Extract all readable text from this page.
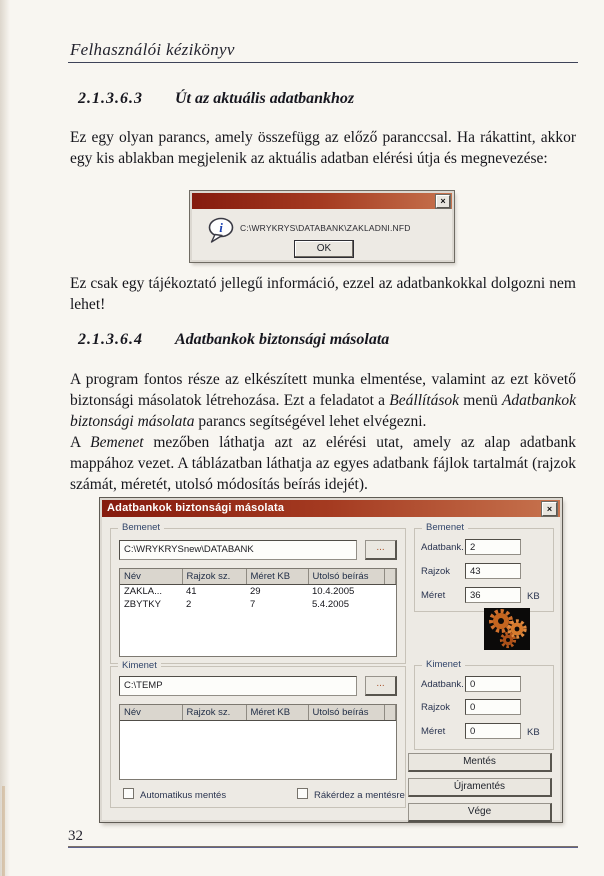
Felhasználói kézikönyv
2.1.3.6.3 Út az aktuális adatbankhoz

Ez egy olyan parancs, amely összefügg az előző paranccsal. Ha rákattint, akkor egy kis ablakban megjelenik az aktuális adatban elérési útja és megnevezése:

×
i C:\WRYKRYS\DATABANK\ZAKLADNI.NFD
OK

Ez csak egy tájékoztató jellegű információ, ezzel az adatbankokkal dolgozni nem lehet!

2.1.3.6.4 Adatbankok biztonsági másolata

A program fontos része az elkészített munka elmentése, valamint az ezt követő biztonsági másolatok létrehozása. Ezt a feladatot a Beállítások menü Adatbankok biztonsági másolata parancs segítségével lehet elvégezni.

A Bemenet mezőben láthatja azt az elérési utat, amely az alap adatbank mappához vezet. A táblázatban láthatja az egyes adatbank fájlok tartalmát (rajzok számát, méretét, utolsó módosítás beírás idejét).

Adatbankok biztonsági másolata	×
Bemenet
C:\WRYKRYSnew\DATABANK	...
Név	Rajzok sz.	Méret KB	Utolsó beírás	
ZAKLA...	41	29	10.4.2005	
ZBYTKY	2	7	5.4.2005	
Kimenet
C:\TEMP	...
Név	Rajzok sz.	Méret KB	Utolsó beírás	
Automatikus mentés	Rákérdez a mentésre
Bemenet
Adatbank. 2
Rajzok	43
Méret	36	KB
Kimenet
Adatbank. 0
Rajzok	0
Méret	0	KB
Mentés
Újramentés
Vége
32
